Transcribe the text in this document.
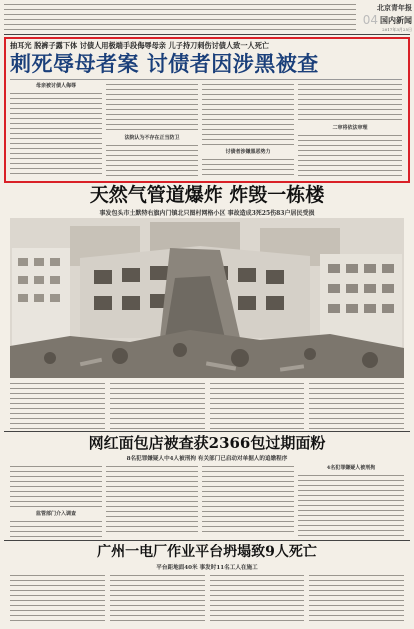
北京青年报
04 国内新闻
2017年3月25日
抽耳光 脱裤子露下体 讨债人用极端手段侮辱母亲 儿子持刀刺伤讨债人致一人死亡
刺死辱母者案 讨债者因涉黑被查
母亲被讨债人侮辱
法院认为不存在正当防卫
讨债者涉嫌黑恶势力
二审将依法审理
天然气管道爆炸 炸毁一栋楼
事发包头市土默特右旗内门镇北只图村网格小区 事故造成3死25伤83户居民受损
网红面包店被查获2366包过期面粉
8名犯罪嫌疑人中4人被刑拘 有关部门已启动对单据人的追缴程序
监管部门介入调查
4名犯罪嫌疑人被刑拘
广州一电厂作业平台坍塌致9人死亡
平台距地面40米 事发时11名工人在施工
